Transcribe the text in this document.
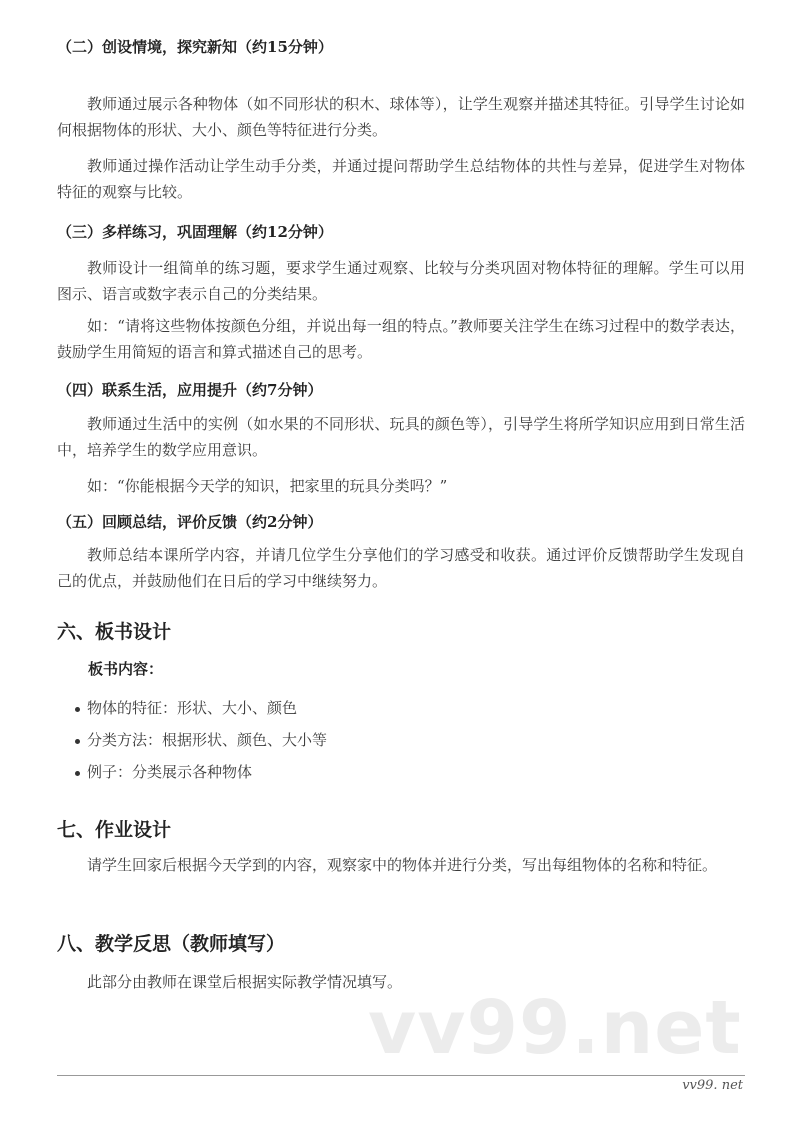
（二）创设情境，探究新知（约15分钟）
教师通过展示各种物体（如不同形状的积木、球体等），让学生观察并描述其特征。引导学生讨论如何根据物体的形状、大小、颜色等特征进行分类。
教师通过操作活动让学生动手分类，并通过提问帮助学生总结物体的共性与差异，促进学生对物体特征的观察与比较。
（三）多样练习，巩固理解（约12分钟）
教师设计一组简单的练习题，要求学生通过观察、比较与分类巩固对物体特征的理解。学生可以用图示、语言或数字表示自己的分类结果。
如：“请将这些物体按颜色分组，并说出每一组的特点。”教师要关注学生在练习过程中的数学表达，鼓励学生用简短的语言和算式描述自己的思考。
（四）联系生活，应用提升（约7分钟）
教师通过生活中的实例（如水果的不同形状、玩具的颜色等），引导学生将所学知识应用到日常生活中，培养学生的数学应用意识。
如：“你能根据今天学的知识，把家里的玩具分类吗？”
（五）回顾总结，评价反馈（约2分钟）
教师总结本课所学内容，并请几位学生分享他们的学习感受和收获。通过评价反馈帮助学生发现自己的优点，并鼓励他们在日后的学习中继续努力。
六、板书设计
板书内容：
物体的特征：形状、大小、颜色
分类方法：根据形状、颜色、大小等
例子：分类展示各种物体
七、作业设计
请学生回家后根据今天学到的内容，观察家中的物体并进行分类，写出每组物体的名称和特征。
八、教学反思（教师填写）
此部分由教师在课堂后根据实际教学情况填写。
vv99.net
vv99. net
